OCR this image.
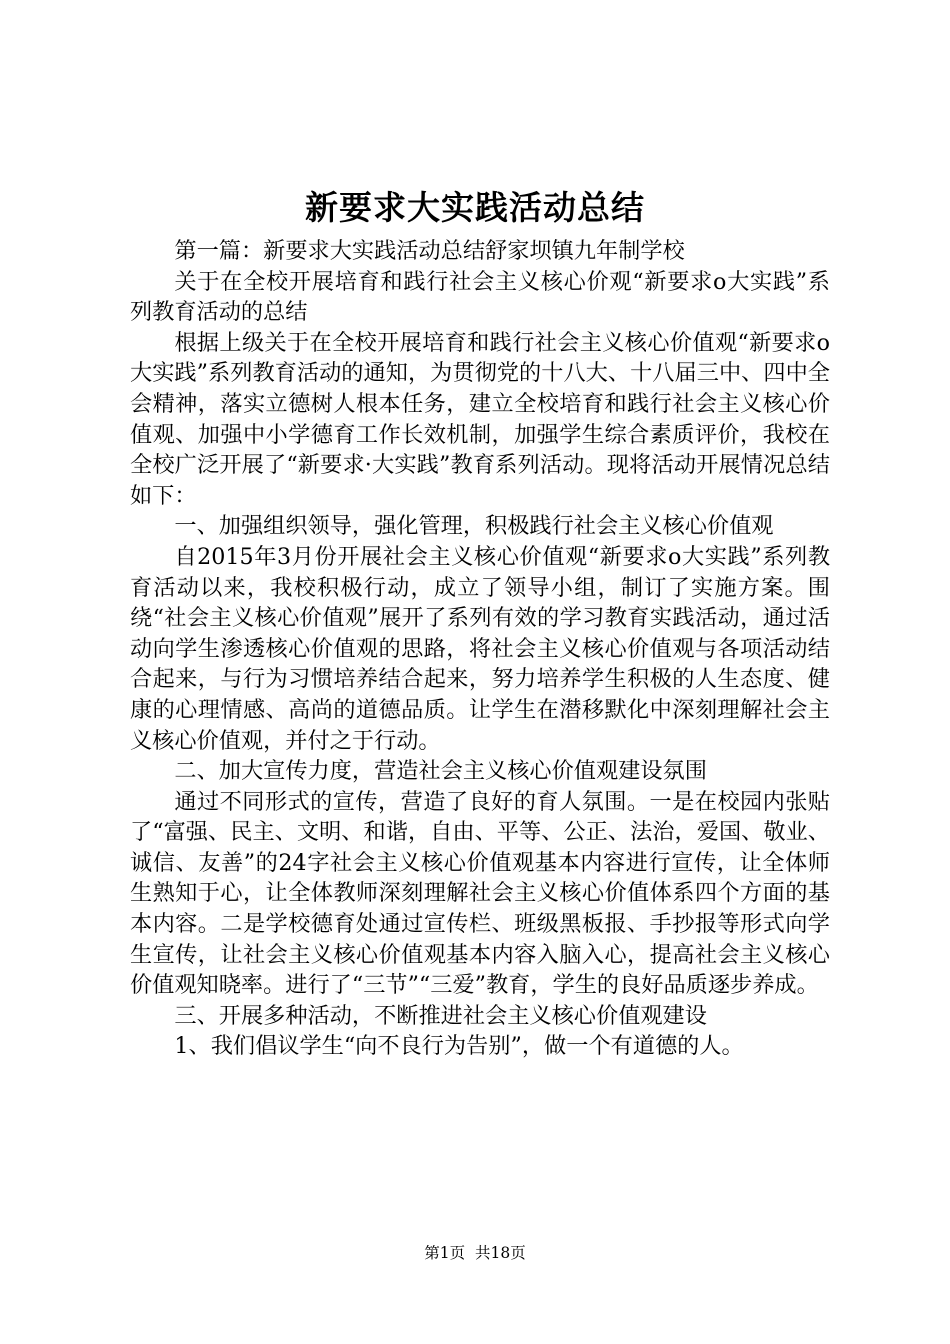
新要求大实践活动总结

第一篇：新要求大实践活动总结舒家坝镇九年制学校

关于在全校开展培育和践行社会主义核心价观“新要求o大实践”系列教育活动的总结

根据上级关于在全校开展培育和践行社会主义核心价值观“新要求o大实践”系列教育活动的通知，为贯彻党的十八大、十八届三中、四中全会精神，落实立德树人根本任务，建立全校培育和践行社会主义核心价值观、加强中小学德育工作长效机制，加强学生综合素质评价，我校在全校广泛开展了“新要求·大实践”教育系列活动。现将活动开展情况总结如下：

一、加强组织领导，强化管理，积极践行社会主义核心价值观

自2015年3月份开展社会主义核心价值观“新要求o大实践”系列教育活动以来，我校积极行动，成立了领导小组，制订了实施方案。围绕“社会主义核心价值观”展开了系列有效的学习教育实践活动，通过活动向学生渗透核心价值观的思路，将社会主义核心价值观与各项活动结合起来，与行为习惯培养结合起来，努力培养学生积极的人生态度、健康的心理情感、高尚的道德品质。让学生在潜移默化中深刻理解社会主义核心价值观，并付之于行动。

二、加大宣传力度，营造社会主义核心价值观建设氛围

通过不同形式的宣传，营造了良好的育人氛围。一是在校园内张贴了“富强、民主、文明、和谐，自由、平等、公正、法治，爱国、敬业、诚信、友善”的24字社会主义核心价值观基本内容进行宣传，让全体师生熟知于心，让全体教师深刻理解社会主义核心价值体系四个方面的基本内容。二是学校德育处通过宣传栏、班级黑板报、手抄报等形式向学生宣传，让社会主义核心价值观基本内容入脑入心，提高社会主义核心价值观知晓率。进行了“三节”“三爱”教育，学生的良好品质逐步养成。

三、开展多种活动，不断推进社会主义核心价值观建设

1、我们倡议学生“向不良行为告别”，做一个有道德的人。

第1页 共18页
